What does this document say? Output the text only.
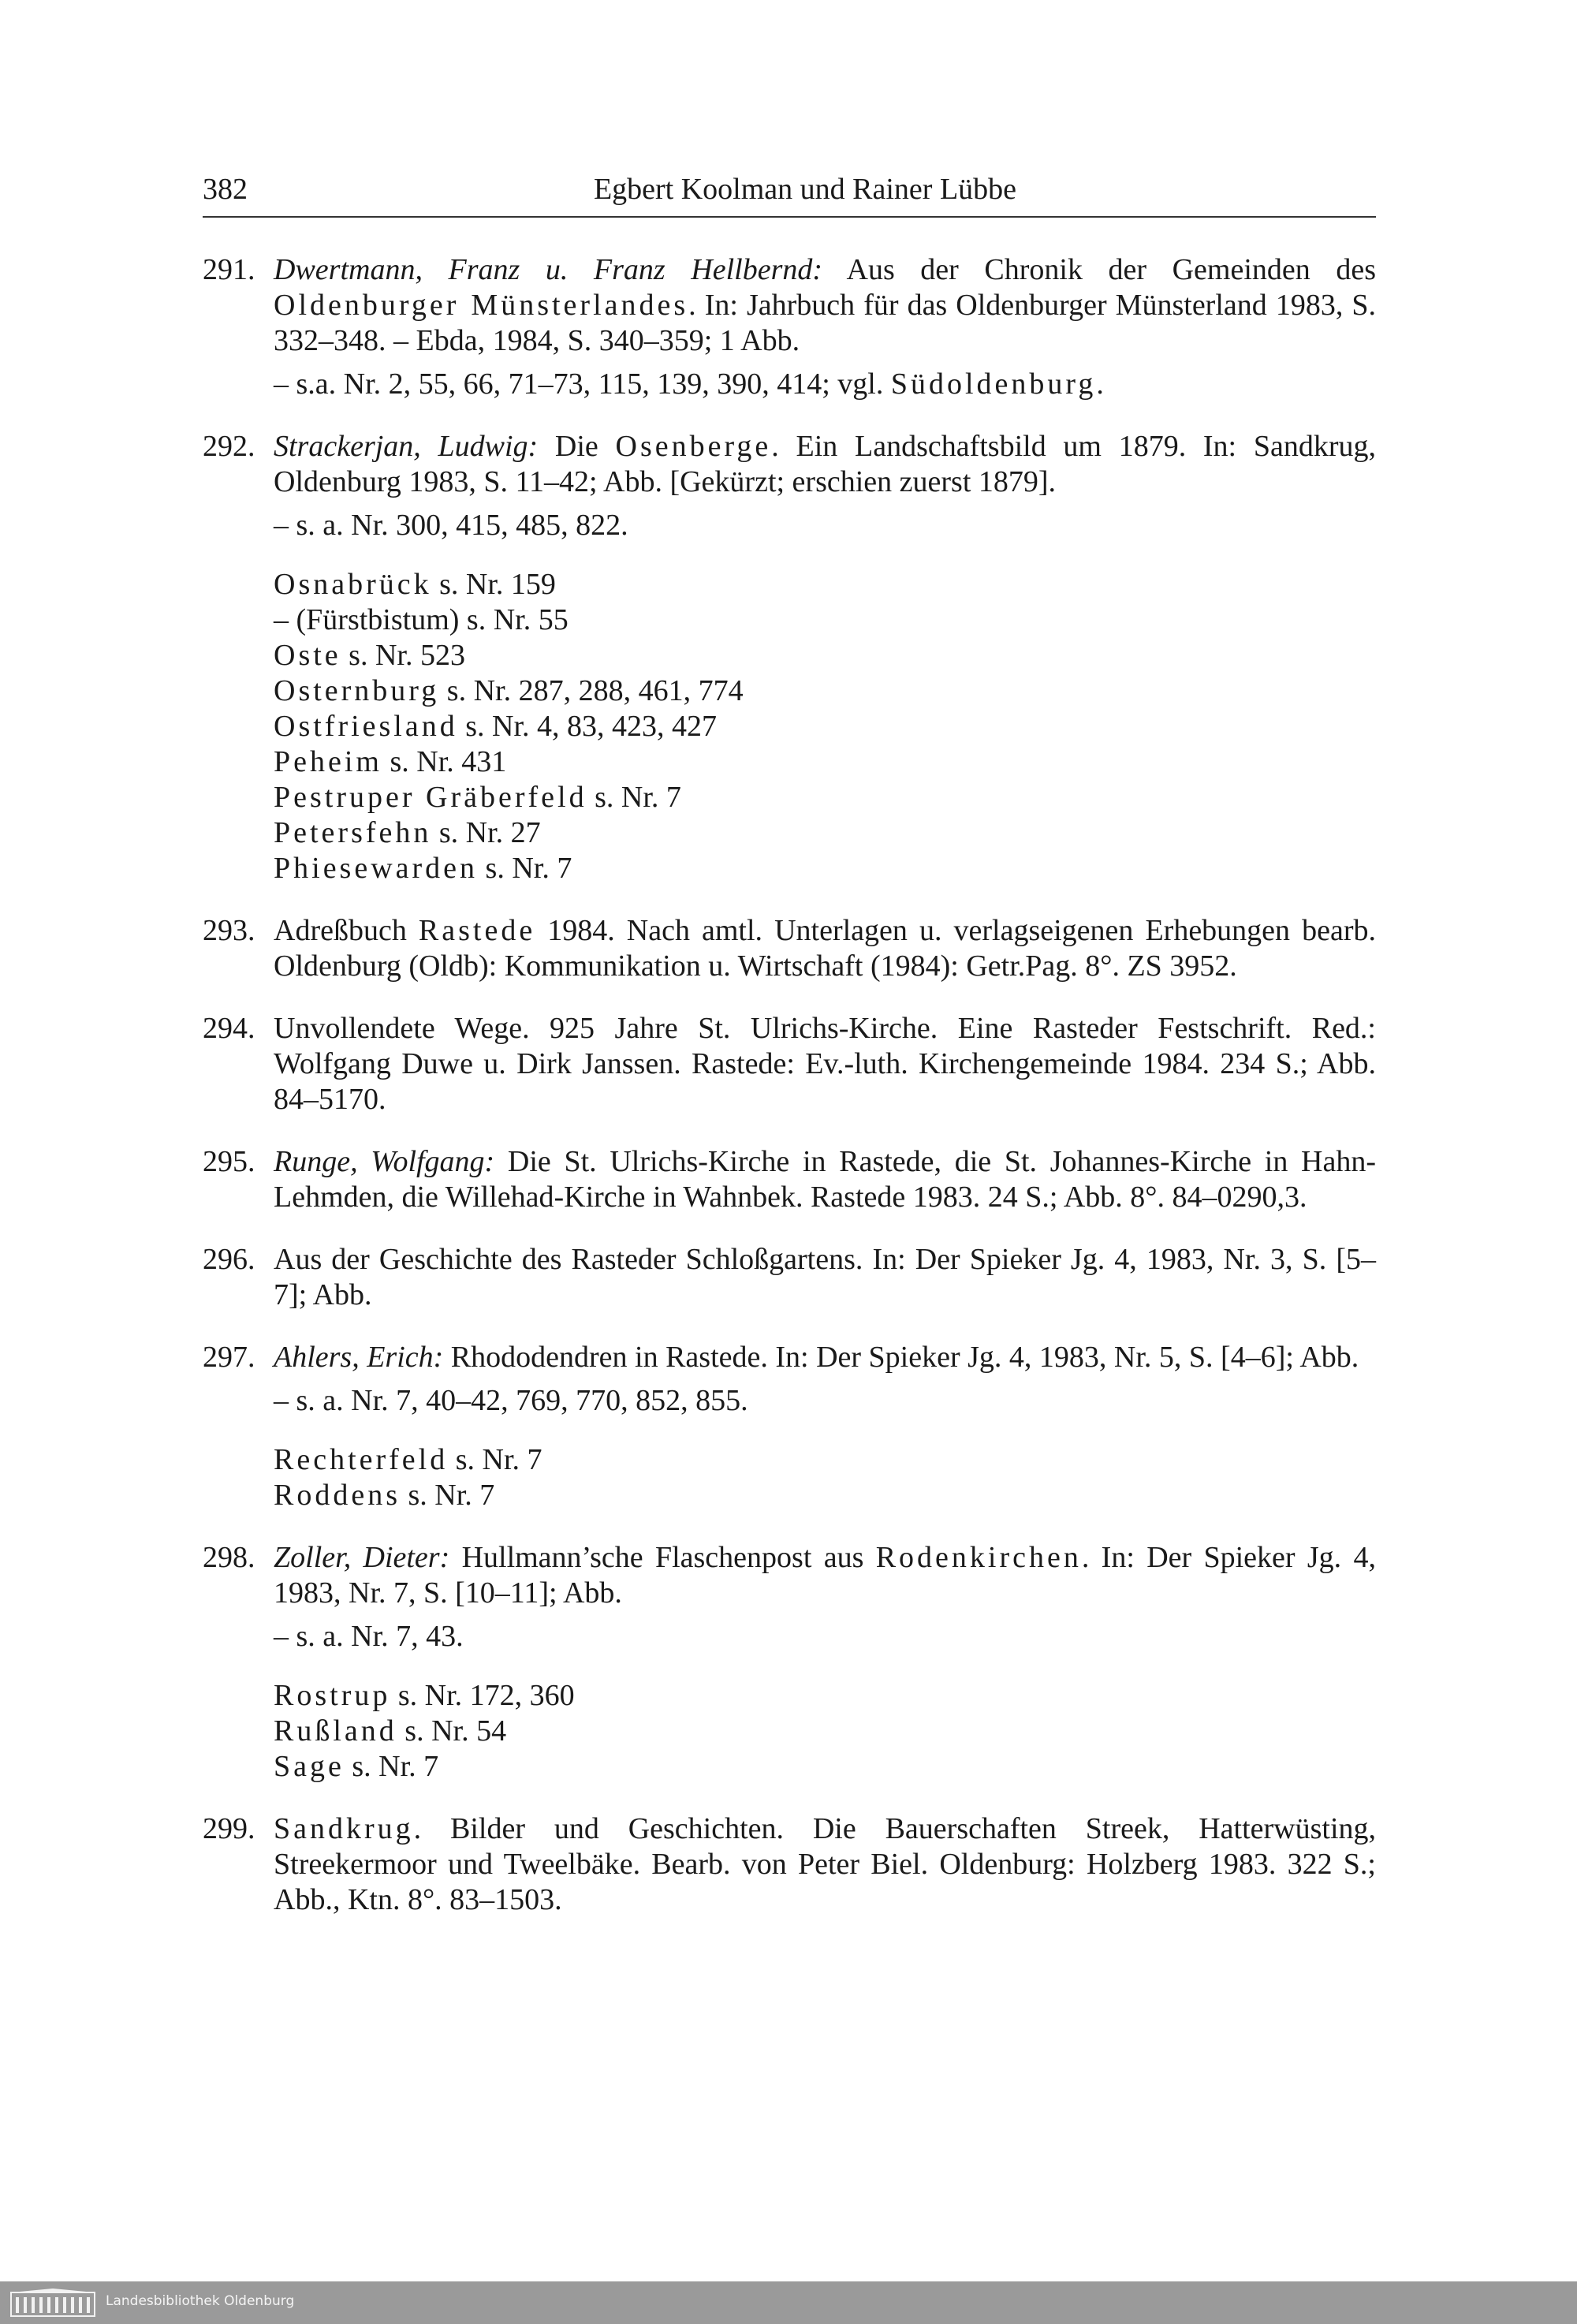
382	Egbert Koolman und Rainer Lübbe
291. Dwertmann, Franz u. Franz Hellbernd: Aus der Chronik der Gemeinden des Oldenburger Münsterlandes. In: Jahrbuch für das Oldenburger Münsterland 1983, S. 332–348. – Ebda, 1984, S. 340–359; 1 Abb.
– s.a. Nr. 2, 55, 66, 71–73, 115, 139, 390, 414; vgl. Südoldenburg.
292. Strackerjan, Ludwig: Die Osenberge. Ein Landschaftsbild um 1879. In: Sandkrug, Oldenburg 1983, S. 11–42; Abb. [Gekürzt; erschien zuerst 1879].
– s. a. Nr. 300, 415, 485, 822.
Osnabrück s. Nr. 159
– (Fürstbistum) s. Nr. 55
Oste s. Nr. 523
Osternburg s. Nr. 287, 288, 461, 774
Ostfriesland s. Nr. 4, 83, 423, 427
Peheim s. Nr. 431
Pestruper Gräberfeld s. Nr. 7
Petersfehn s. Nr. 27
Phiesewarden s. Nr. 7
293. Adreßbuch Rastede 1984. Nach amtl. Unterlagen u. verlagseigenen Erhebungen bearb. Oldenburg (Oldb): Kommunikation u. Wirtschaft (1984): Getr.Pag. 8°. ZS 3952.
294. Unvollendete Wege. 925 Jahre St. Ulrichs-Kirche. Eine Rasteder Festschrift. Red.: Wolfgang Duwe u. Dirk Janssen. Rastede: Ev.-luth. Kirchengemeinde 1984. 234 S.; Abb. 84–5170.
295. Runge, Wolfgang: Die St. Ulrichs-Kirche in Rastede, die St. Johannes-Kirche in Hahn-Lehmden, die Willehad-Kirche in Wahnbek. Rastede 1983. 24 S.; Abb. 8°. 84–0290,3.
296. Aus der Geschichte des Rasteder Schloßgartens. In: Der Spieker Jg. 4, 1983, Nr. 3, S. [5–7]; Abb.
297. Ahlers, Erich: Rhododendren in Rastede. In: Der Spieker Jg. 4, 1983, Nr. 5, S. [4–6]; Abb.
– s. a. Nr. 7, 40–42, 769, 770, 852, 855.
Rechterfeld s. Nr. 7
Roddens s. Nr. 7
298. Zoller, Dieter: Hullmann’sche Flaschenpost aus Rodenkirchen. In: Der Spieker Jg. 4, 1983, Nr. 7, S. [10–11]; Abb.
– s. a. Nr. 7, 43.
Rostrup s. Nr. 172, 360
Rußland s. Nr. 54
Sage s. Nr. 7
299. Sandkrug. Bilder und Geschichten. Die Bauerschaften Streek, Hatterwüsting, Streekermoor und Tweelbäke. Bearb. von Peter Biel. Oldenburg: Holzberg 1983. 322 S.; Abb., Ktn. 8°. 83–1503.
Landesbibliothek Oldenburg
